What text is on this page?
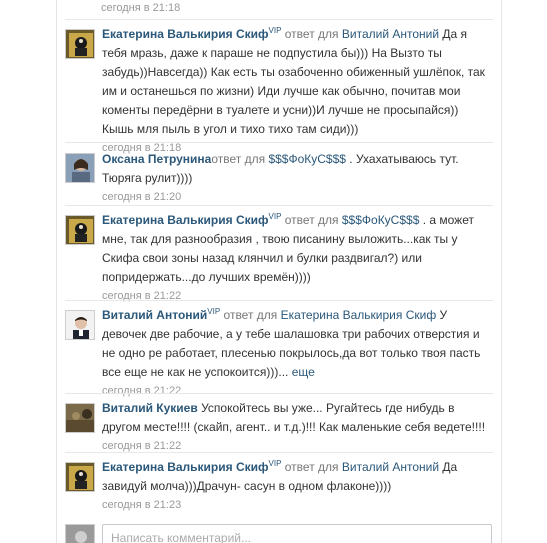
сегодня в 21:18
Екатерина Валькирия Скиф$^{VIP}$ ответ для Виталий Антоний Да я тебя мразь, даже к параше не подпустила бы))) На Вызто ты забудь))Навсегда)) Как есть ты озабоченно обиженный ушлёпок, так им и останешься по жизни) Иди лучше как обычно, почитав мои коменты передёрни в туалете и усни))И лучше не просыпайся)) Кышь мля пыль в угол и тихо тихо там сиди)))
сегодня в 21:18
Оксана Петрунинаответ для $$$ФоКуС$$$ . Ухахатываюсь тут. Тюряга рулит))))
сегодня в 21:20
Екатерина Валькирия Скиф$^{VIP}$ ответ для $$$ФоКуС$$$ . а может мне, так для разнообразия , твою писанину выложить...как ты у Скифа свои зоны назад клянчил и булки раздвигал?) или попридержать...до лучших времён))))
сегодня в 21:22
Виталий Антоний$^{VIP}$ ответ для Екатерина Валькирия Скиф У девочек две рабочие, а у тебе шалашовка три рабочих отверстия и не одно ре работает, плесенью покрылось,да вот только твоя пасть все еще не как не успокоится)))... еще
сегодня в 21:22
Виталий Кукиев Успокойтесь вы уже... Ругайтесь где нибудь в другом месте!!!! (скайп, агент.. и т.д.)!!! Как маленькие себя ведете!!!!
сегодня в 21:22
Екатерина Валькирия Скиф$^{VIP}$ ответ для Виталий Антоний Да завидуй молча)))Драчун- сасун в одном флаконе))))
сегодня в 21:23
Написать комментарий...
